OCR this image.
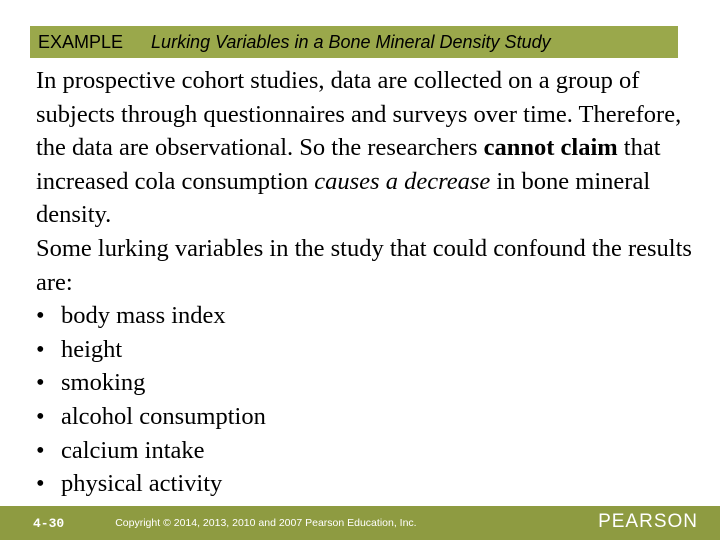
EXAMPLE Lurking Variables in a Bone Mineral Density Study

In prospective cohort studies, data are collected on a group of subjects through questionnaires and surveys over time. Therefore, the data are observational. So the researchers cannot claim that increased cola consumption causes a decrease in bone mineral density.

Some lurking variables in the study that could confound the results are:

• body mass index
• height
• smoking
• alcohol consumption
• calcium intake
• physical activity
4-30	Copyright © 2014, 2013, 2010 and 2007 Pearson Education, Inc.	PEARSON
